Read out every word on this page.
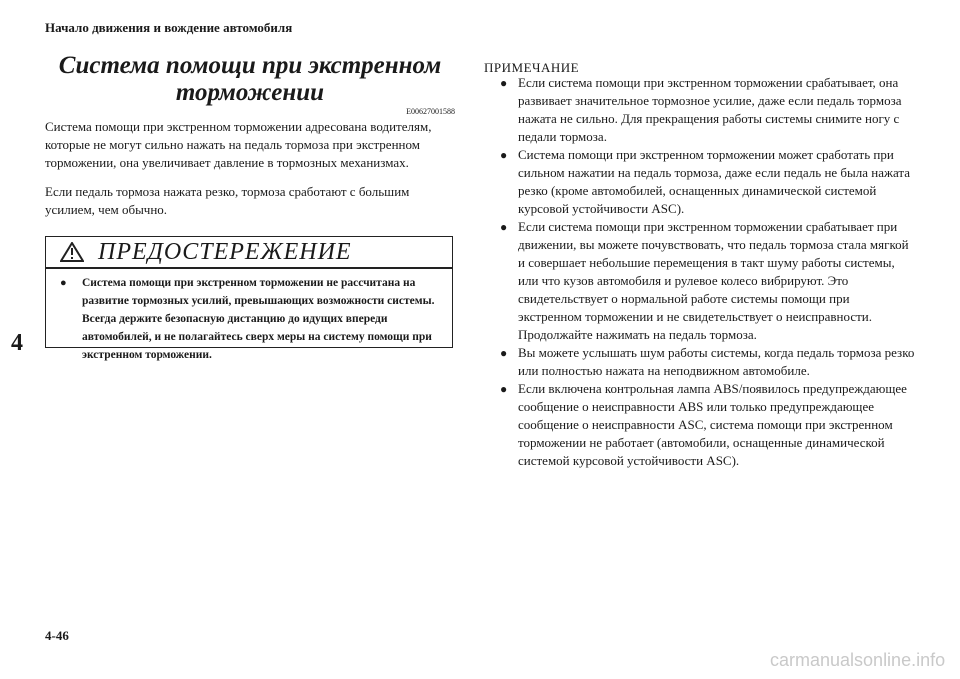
Начало движения и вождение автомобиля
4
Система помощи при экстренном торможении
E00627001588

Система помощи при экстренном торможении адресована водителям, которые не могут сильно нажать на педаль тормоза при экстренном торможении, она увеличивает давление в тормозных механизмах.

Если педаль тормоза нажата резко, тормоза сработают с большим усилием, чем обычно.

ПРЕДОСТЕРЕЖЕНИЕ
●	Система помощи при экстренном торможении не рассчитана на развитие тормозных усилий, превышающих возможности системы. Всегда держите безопасную дистанцию до идущих впереди автомобилей, и не полагайтесь сверх меры на систему помощи при экстренном торможении.
ПРИМЕЧАНИЕ
● Если система помощи при экстренном торможении срабатывает, она развивает значительное тормозное усилие, даже если педаль тормоза нажата не сильно. Для прекращения работы системы снимите ногу с педали тормоза.
● Система помощи при экстренном торможении может сработать при сильном нажатии на педаль тормоза, даже если педаль не была нажата резко (кроме автомобилей, оснащенных динамической системой курсовой устойчивости ASC).
● Если система помощи при экстренном торможении срабатывает при движении, вы можете почувствовать, что педаль тормоза стала мягкой и совершает небольшие перемещения в такт шуму работы системы, или что кузов автомобиля и рулевое колесо вибрируют. Это свидетельствует о нормальной работе системы помощи при экстренном торможении и не свидетельствует о неисправности. Продолжайте нажимать на педаль тормоза.
● Вы можете услышать шум работы системы, когда педаль тормоза резко или полностью нажата на неподвижном автомобиле.
● Если включена контрольная лампа ABS/появилось предупреждающее сообщение о неисправности ABS или только предупреждающее сообщение о неисправности ASC, система помощи при экстренном торможении не работает (автомобили, оснащенные динамической системой курсовой устойчивости ASC).
4-46
carmanualsonline.info
